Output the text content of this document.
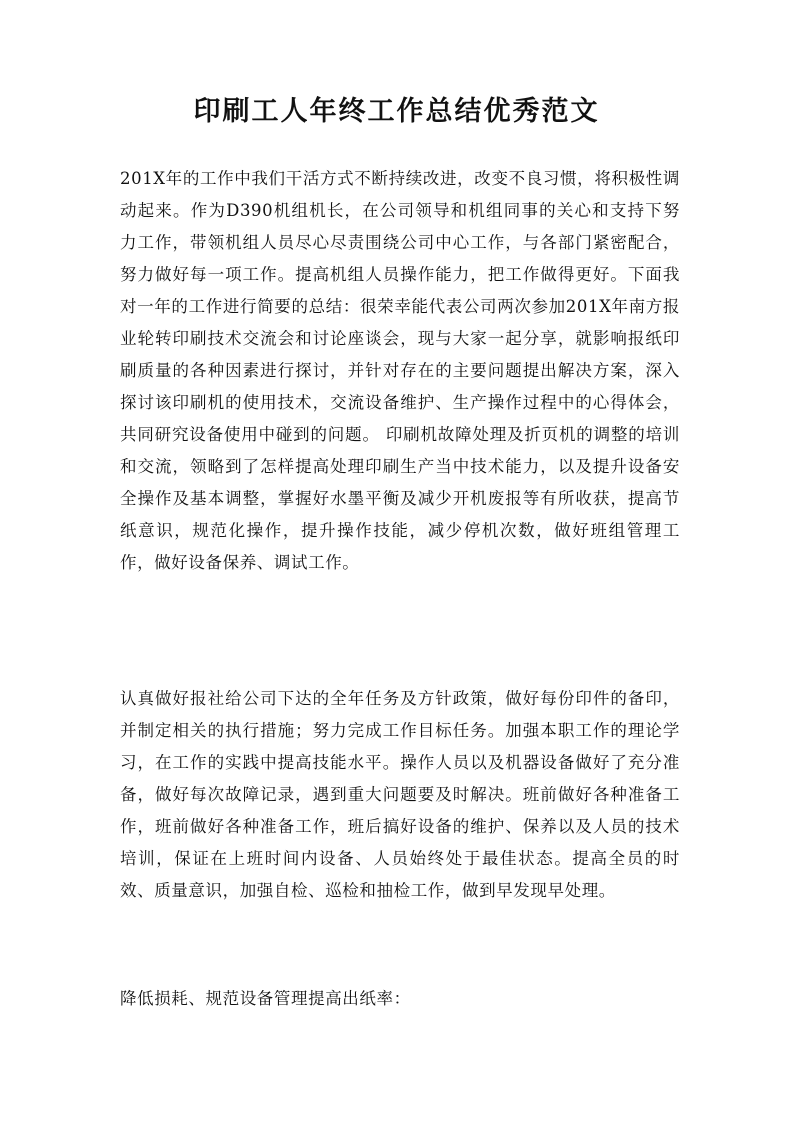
印刷工人年终工作总结优秀范文

201X年的工作中我们干活方式不断持续改进，改变不良习惯，将积极性调动起来。作为D390机组机长，在公司领导和机组同事的关心和支持下努力工作，带领机组人员尽心尽责围绕公司中心工作，与各部门紧密配合，努力做好每一项工作。提高机组人员操作能力，把工作做得更好。下面我对一年的工作进行简要的总结：很荣幸能代表公司两次参加201X年南方报业轮转印刷技术交流会和讨论座谈会，现与大家一起分享，就影响报纸印刷质量的各种因素进行探讨，并针对存在的主要问题提出解决方案，深入探讨该印刷机的使用技术，交流设备维护、生产操作过程中的心得体会，共同研究设备使用中碰到的问题。 印刷机故障处理及折页机的调整的培训和交流，领略到了怎样提高处理印刷生产当中技术能力，以及提升设备安全操作及基本调整，掌握好水墨平衡及减少开机废报等有所收获，提高节纸意识，规范化操作，提升操作技能，减少停机次数，做好班组管理工作，做好设备保养、调试工作。

认真做好报社给公司下达的全年任务及方针政策，做好每份印件的备印，并制定相关的执行措施；努力完成工作目标任务。加强本职工作的理论学习，在工作的实践中提高技能水平。操作人员以及机器设备做好了充分准备，做好每次故障记录，遇到重大问题要及时解决。班前做好各种准备工作，班前做好各种准备工作，班后搞好设备的维护、保养以及人员的技术培训，保证在上班时间内设备、人员始终处于最佳状态。提高全员的时效、质量意识，加强自检、巡检和抽检工作，做到早发现早处理。

降低损耗、规范设备管理提高出纸率：
